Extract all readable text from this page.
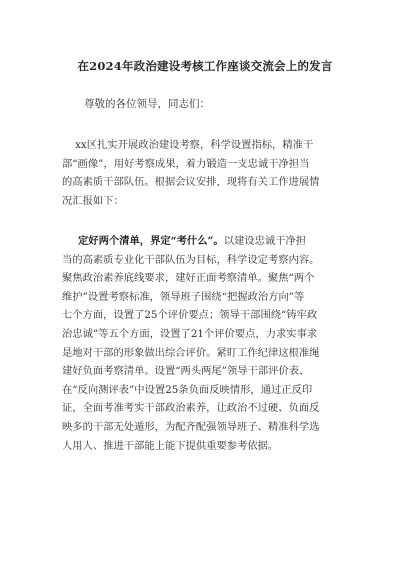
在2024年政治建设考核工作座谈交流会上的发言
尊敬的各位领导，同志们：
xx区扎实开展政治建设考察，科学设置指标，精准干
部“画像”，用好考察成果，着力锻造一支忠诚干净担当
的高素质干部队伍。根据会议安排，现将有关工作进展情
况汇报如下：
定好两个清单，界定“考什么”。以建设忠诚干净担
当的高素质专业化干部队伍为目标，科学设定考察内容。
聚焦政治素养底线要求，建好正面考察清单。聚焦“两个
维护”设置考察标准，领导班子围绕“把握政治方向”等
七个方面，设置了25个评价要点；领导干部围绕“铸牢政
治忠诚”等五个方面，设置了21个评价要点，力求实事求
是地对干部的形象做出综合评价。紧盯工作纪律这根准绳
建好负面考察清单。设置“两头两尾”领导干部评价表、
在“反向测评表”中设置25条负面反映情形，通过正反印
证，全面考准考实干部政治素养，让政治不过硬、负面反
映多的干部无处遁形，为配齐配强领导班子、精准科学选
人用人、推进干部能上能下提供重要参考依据。
